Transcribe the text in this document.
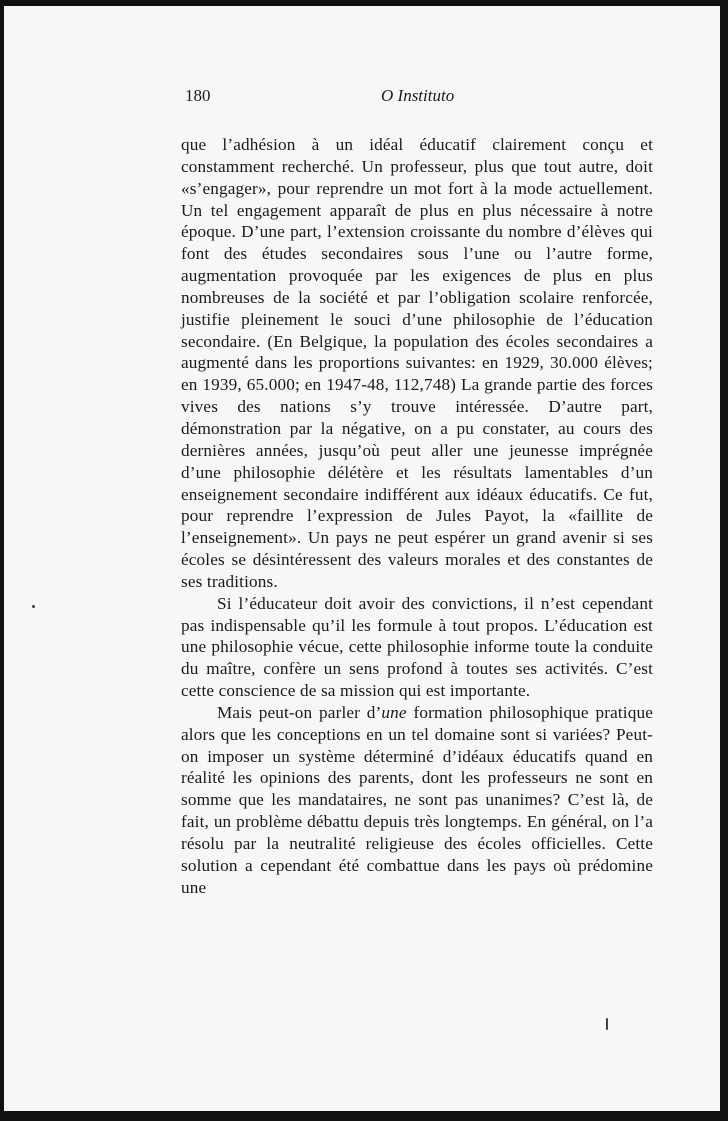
180	O Instituto

que l’adhésion à un idéal éducatif clairement conçu et constamment recherché. Un professeur, plus que tout autre, doit «s’engager», pour reprendre un mot fort à la mode actuellement. Un tel engagement apparaît de plus en plus nécessaire à notre époque. D’une part, l’extension croissante du nombre d’élèves qui font des études secondaires sous l’une ou l’autre forme, augmentation provoquée par les exigences de plus en plus nombreuses de la société et par l’obligation scolaire renforcée, justifie pleinement le souci d’une philosophie de l’éducation secondaire. (En Belgique, la population des écoles secondaires a augmenté dans les proportions suivantes: en 1929, 30.000 élèves; en 1939, 65.000; en 1947-48, 112,748) La grande partie des forces vives des nations s’y trouve intéressée. D’autre part, démonstration par la négative, on a pu constater, au cours des dernières années, jusqu’où peut aller une jeunesse imprégnée d’une philosophie délétère et les résultats lamentables d’un enseignement secondaire indifférent aux idéaux éducatifs. Ce fut, pour reprendre l’expression de Jules Payot, la «faillite de l’enseignement». Un pays ne peut espérer un grand avenir si ses écoles se désintéressent des valeurs morales et des constantes de ses traditions.

Si l’éducateur doit avoir des convictions, il n’est cependant pas indispensable qu’il les formule à tout propos. L’éducation est une philosophie vécue, cette philosophie informe toute la conduite du maître, confère un sens profond à toutes ses activités. C’est cette conscience de sa mission qui est importante.

Mais peut-on parler d’une formation philosophique pratique alors que les conceptions en un tel domaine sont si variées? Peut-on imposer un système déterminé d’idéaux éducatifs quand en réalité les opinions des parents, dont les professeurs ne sont en somme que les mandataires, ne sont pas unanimes? C’est là, de fait, un problème débattu depuis très longtemps. En général, on l’a résolu par la neutralité religieuse des écoles officielles. Cette solution a cependant été combattue dans les pays où prédomine une
